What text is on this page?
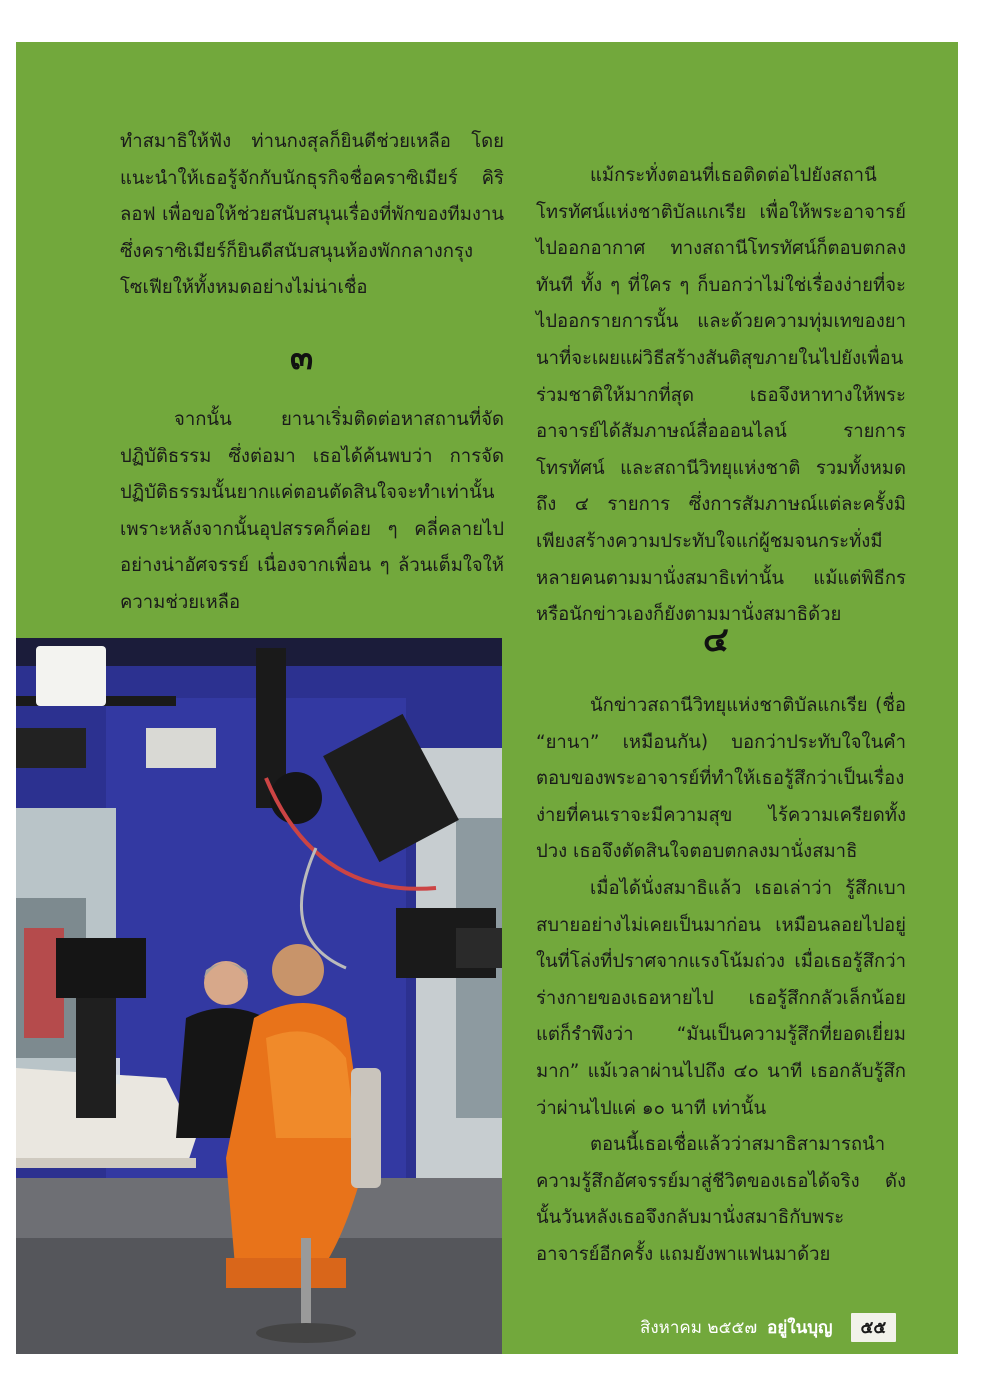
ทำสมาธิให้ฟัง ท่านกงสุลก็ยินดีช่วยเหลือ โดยแนะนำให้เธอรู้จักกับนักธุรกิจชื่อคราซิเมียร์ คิริลอฟ เพื่อขอให้ช่วยสนับสนุนเรื่องที่พักของทีมงาน ซึ่งคราซิเมียร์ก็ยินดีสนับสนุนห้องพักกลางกรุงโซเฟียให้ทั้งหมดอย่างไม่น่าเชื่อ

๓

จากนั้น ยานาเริ่มติดต่อหาสถานที่จัดปฏิบัติธรรม ซึ่งต่อมา เธอได้ค้นพบว่า การจัดปฏิบัติธรรมนั้นยากแค่ตอนตัดสินใจจะทำเท่านั้น เพราะหลังจากนั้นอุปสรรคก็ค่อย ๆ คลี่คลายไปอย่างน่าอัศจรรย์ เนื่องจากเพื่อน ๆ ล้วนเต็มใจให้ความช่วยเหลือ

แม้กระทั่งตอนที่เธอติดต่อไปยังสถานีโทรทัศน์แห่งชาติบัลแกเรีย เพื่อให้พระอาจารย์ไปออกอากาศ ทางสถานีโทรทัศน์ก็ตอบตกลงทันที ทั้ง ๆ ที่ใคร ๆ ก็บอกว่าไม่ใช่เรื่องง่ายที่จะไปออกรายการนั้น และด้วยความทุ่มเทของยานาที่จะเผยแผ่วิธีสร้างสันติสุขภายในไปยังเพื่อนร่วมชาติให้มากที่สุด เธอจึงหาทางให้พระอาจารย์ได้สัมภาษณ์สื่อออนไลน์ รายการโทรทัศน์ และสถานีวิทยุแห่งชาติ รวมทั้งหมดถึง ๔ รายการ ซึ่งการสัมภาษณ์แต่ละครั้งมิเพียงสร้างความประทับใจแก่ผู้ชมจนกระทั่งมีหลายคนตามมานั่งสมาธิเท่านั้น แม้แต่พิธีกรหรือนักข่าวเองก็ยังตามมานั่งสมาธิด้วย

๔

นักข่าวสถานีวิทยุแห่งชาติบัลแกเรีย (ชื่อ “ยานา” เหมือนกัน) บอกว่าประทับใจในคำตอบของพระอาจารย์ที่ทำให้เธอรู้สึกว่าเป็นเรื่องง่ายที่คนเราจะมีความสุข ไร้ความเครียดทั้งปวง เธอจึงตัดสินใจตอบตกลงมานั่งสมาธิ

เมื่อได้นั่งสมาธิแล้ว เธอเล่าว่า รู้สึกเบาสบายอย่างไม่เคยเป็นมาก่อน เหมือนลอยไปอยู่ในที่โล่งที่ปราศจากแรงโน้มถ่วง เมื่อเธอรู้สึกว่าร่างกายของเธอหายไป เธอรู้สึกกลัวเล็กน้อย แต่ก็รำพึงว่า “มันเป็นความรู้สึกที่ยอดเยี่ยมมาก” แม้เวลาผ่านไปถึง ๔๐ นาที เธอกลับรู้สึกว่าผ่านไปแค่ ๑๐ นาที เท่านั้น

ตอนนี้เธอเชื่อแล้วว่าสมาธิสามารถนำความรู้สึกอัศจรรย์มาสู่ชีวิตของเธอได้จริง ดังนั้นวันหลังเธอจึงกลับมานั่งสมาธิกับพระอาจารย์อีกครั้ง แถมยังพาแฟนมาด้วย

สิงหาคม ๒๕๕๗ อยู่ในบุญ	๕๕
